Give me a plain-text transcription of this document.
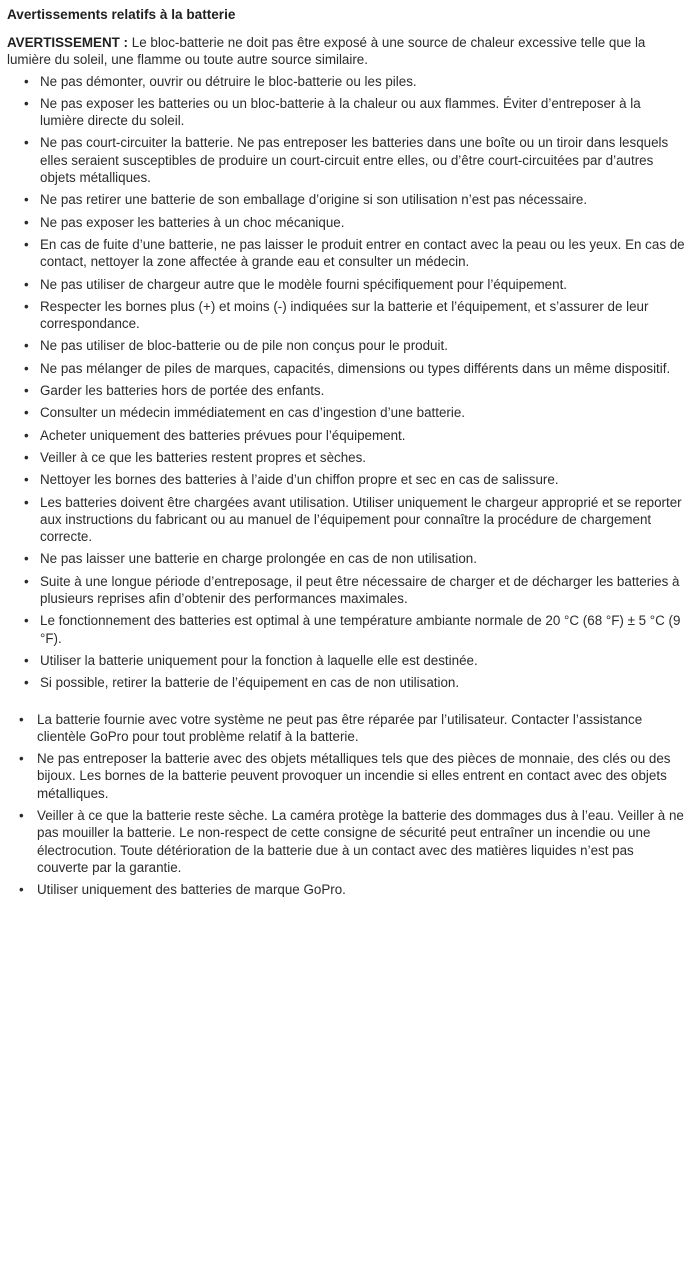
Avertissements relatifs à la batterie

AVERTISSEMENT : Le bloc-batterie ne doit pas être exposé à une source de chaleur excessive telle que la lumière du soleil, une flamme ou toute autre source similaire.

• Ne pas démonter, ouvrir ou détruire le bloc-batterie ou les piles.
• Ne pas exposer les batteries ou un bloc-batterie à la chaleur ou aux flammes. Éviter d’entreposer à la lumière directe du soleil.
• Ne pas court-circuiter la batterie. Ne pas entreposer les batteries dans une boîte ou un tiroir dans lesquels elles seraient susceptibles de produire un court-circuit entre elles, ou d’être court-circuitées par d’autres objets métalliques.
• Ne pas retirer une batterie de son emballage d’origine si son utilisation n’est pas nécessaire.
• Ne pas exposer les batteries à un choc mécanique.
• En cas de fuite d’une batterie, ne pas laisser le produit entrer en contact avec la peau ou les yeux. En cas de contact, nettoyer la zone affectée à grande eau et consulter un médecin.
• Ne pas utiliser de chargeur autre que le modèle fourni spécifiquement pour l’équipement.
• Respecter les bornes plus (+) et moins (-) indiquées sur la batterie et l’équipement, et s’assurer de leur correspondance.
• Ne pas utiliser de bloc-batterie ou de pile non conçus pour le produit.
• Ne pas mélanger de piles de marques, capacités, dimensions ou types différents dans un même dispositif.
• Garder les batteries hors de portée des enfants.
• Consulter un médecin immédiatement en cas d’ingestion d’une batterie.
• Acheter uniquement des batteries prévues pour l’équipement.
• Veiller à ce que les batteries restent propres et sèches.
• Nettoyer les bornes des batteries à l’aide d’un chiffon propre et sec en cas de salissure.
• Les batteries doivent être chargées avant utilisation. Utiliser uniquement le chargeur approprié et se reporter aux instructions du fabricant ou au manuel de l’équipement pour connaître la procédure de chargement correcte.
• Ne pas laisser une batterie en charge prolongée en cas de non utilisation.
• Suite à une longue période d’entreposage, il peut être nécessaire de charger et de décharger les batteries à plusieurs reprises afin d’obtenir des performances maximales.
• Le fonctionnement des batteries est optimal à une température ambiante normale de 20 °C (68 °F) ± 5 °C (9 °F).
• Utiliser la batterie uniquement pour la fonction à laquelle elle est destinée.
• Si possible, retirer la batterie de l’équipement en cas de non utilisation.
• La batterie fournie avec votre système ne peut pas être réparée par l’utilisateur. Contacter l’assistance clientèle GoPro pour tout problème relatif à la batterie.
• Ne pas entreposer la batterie avec des objets métalliques tels que des pièces de monnaie, des clés ou des bijoux. Les bornes de la batterie peuvent provoquer un incendie si elles entrent en contact avec des objets métalliques.
• Veiller à ce que la batterie reste sèche. La caméra protège la batterie des dommages dus à l’eau. Veiller à ne pas mouiller la batterie. Le non-respect de cette consigne de sécurité peut entraîner un incendie ou une électrocution. Toute détérioration de la batterie due à un contact avec des matières liquides n’est pas couverte par la garantie.
• Utiliser uniquement des batteries de marque GoPro.
